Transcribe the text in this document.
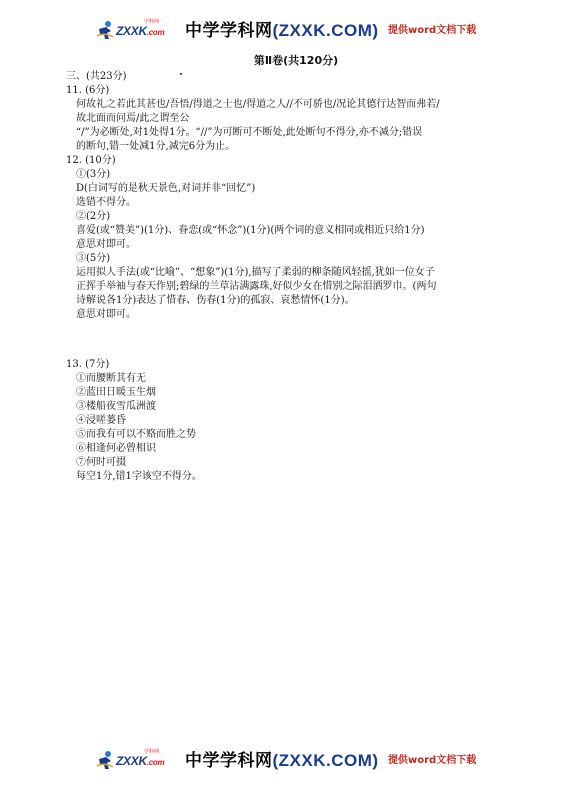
ZXXK.com
学科网 中学学科网(ZXXK.COM) 提供word文档下载
第Ⅱ卷(共120分)
三、(共23分)
11. (6分)
何故礼之若此其甚也/吾悟/得道之士也/得道之人//不可骄也/况论其德行达智而弗若/
故北面而问焉/此之谓至公
“/”为必断处,对1处得1分。“//”为可断可不断处,此处断句不得分,亦不减分;错误
的断句,错一处减1分,减完6分为止。
12. (10分)
①(3分)
D(白词写的是秋天景色,对词并非“回忆”)
选错不得分。
②(2分)
喜爱(或“赞美”)(1分)、眷恋(或“怀念”)(1分)(两个词的意义相同或相近只给1分)
意思对即可。
③(5分)
运用拟人手法(或“比喻”、“想象”)(1分),描写了柔弱的柳条随风轻摇,犹如一位女子
正挥手举袖与春天作别;碧绿的兰草沾满露珠,好似少女在惜别之际泪洒罗巾。(两句
诗解说各1分)表达了惜春、伤春(1分)的孤寂、哀愁情怀(1分)。
意思对即可。
13. (7分)
①而腰断其有无
②蓝田日暖玉生烟
③楼船夜雪瓜洲渡
④浸嗟蒌昏
⑤而我有可以不赂而胜之势
⑥相逢何必曾相识
⑦何时可掇
每空1分,错1字该空不得分。
ZXXK.com
学科网 中学学科网(ZXXK.COM) 提供word文档下载
